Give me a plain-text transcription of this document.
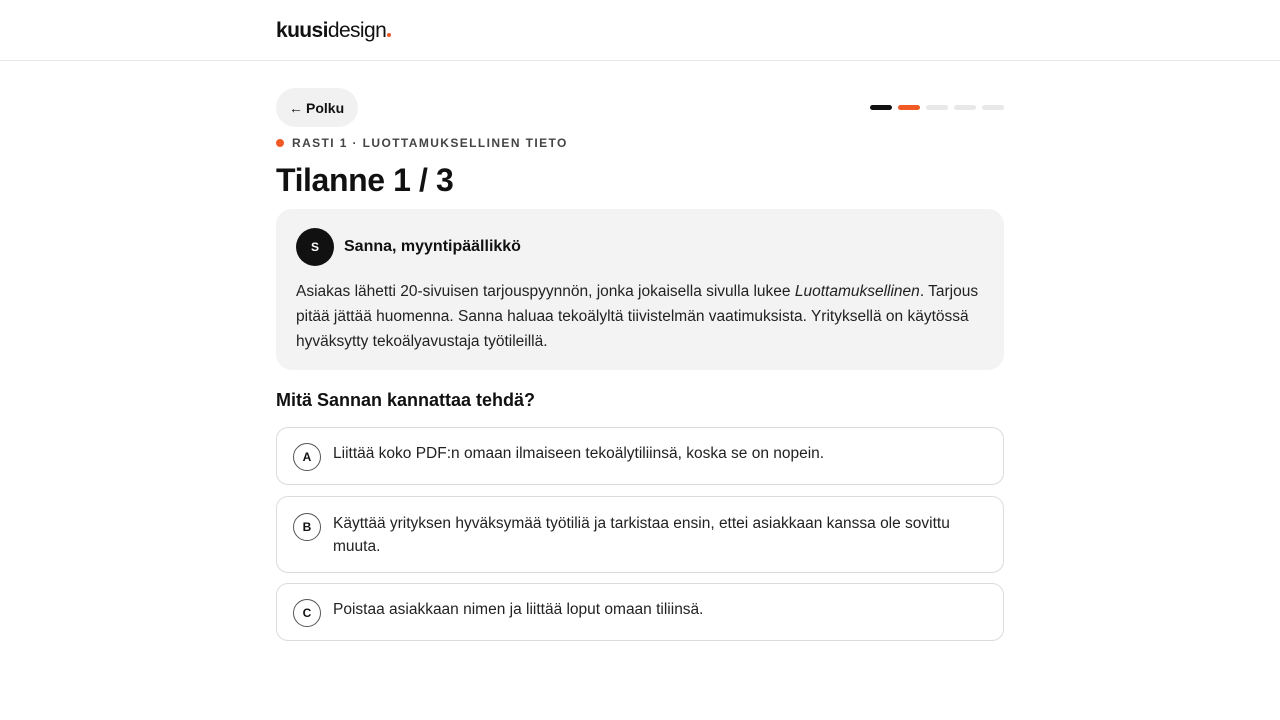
kuusidesign
← Polku
RASTI 1 · LUOTTAMUKSELLINEN TIETO
Tilanne 1 / 3
S	Sanna, myyntipäällikkö

Asiakas lähetti 20-sivuisen tarjouspyynnön, jonka jokaisella sivulla lukee Luottamuksellinen. Tarjous pitää jättää huomenna. Sanna haluaa tekoälyltä tiivistelmän vaatimuksista. Yrityksellä on käytössä hyväksytty tekoälyavustaja työtileillä.

Mitä Sannan kannattaa tehdä?
A	Liittää koko PDF:n omaan ilmaiseen tekoälytiliinsä, koska se on nopein.
B	Käyttää yrityksen hyväksymää työtiliä ja tarkistaa ensin, ettei asiakkaan kanssa ole sovittu muuta.
C	Poistaa asiakkaan nimen ja liittää loput omaan tiliinsä.
